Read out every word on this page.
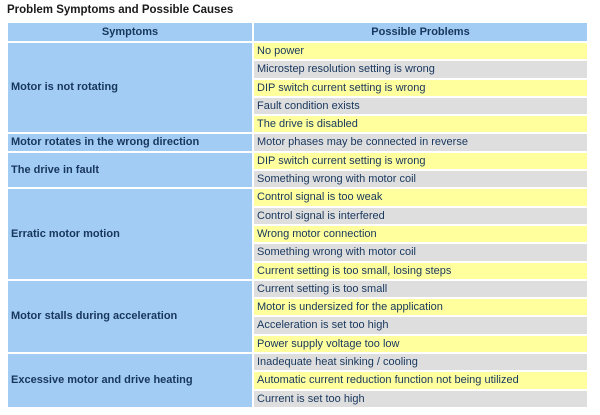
Problem Symptoms and Possible Causes
Symptoms	Possible Problems
Motor is not rotating	No power
	Microstep resolution setting is wrong
	DIP switch current setting is wrong
	Fault condition exists
	The drive is disabled
Motor rotates in the wrong direction	Motor phases may be connected in reverse
The drive in fault	DIP switch current setting is wrong
	Something wrong with motor coil
Erratic motor motion	Control signal is too weak
	Control signal is interfered
	Wrong motor connection
	Something wrong with motor coil
	Current setting is too small, losing steps
Motor stalls during acceleration	Current setting is too small
	Motor is undersized for the application
	Acceleration is set too high
	Power supply voltage too low
Excessive motor and drive heating	Inadequate heat sinking / cooling
	Automatic current reduction function not being utilized
	Current is set too high
